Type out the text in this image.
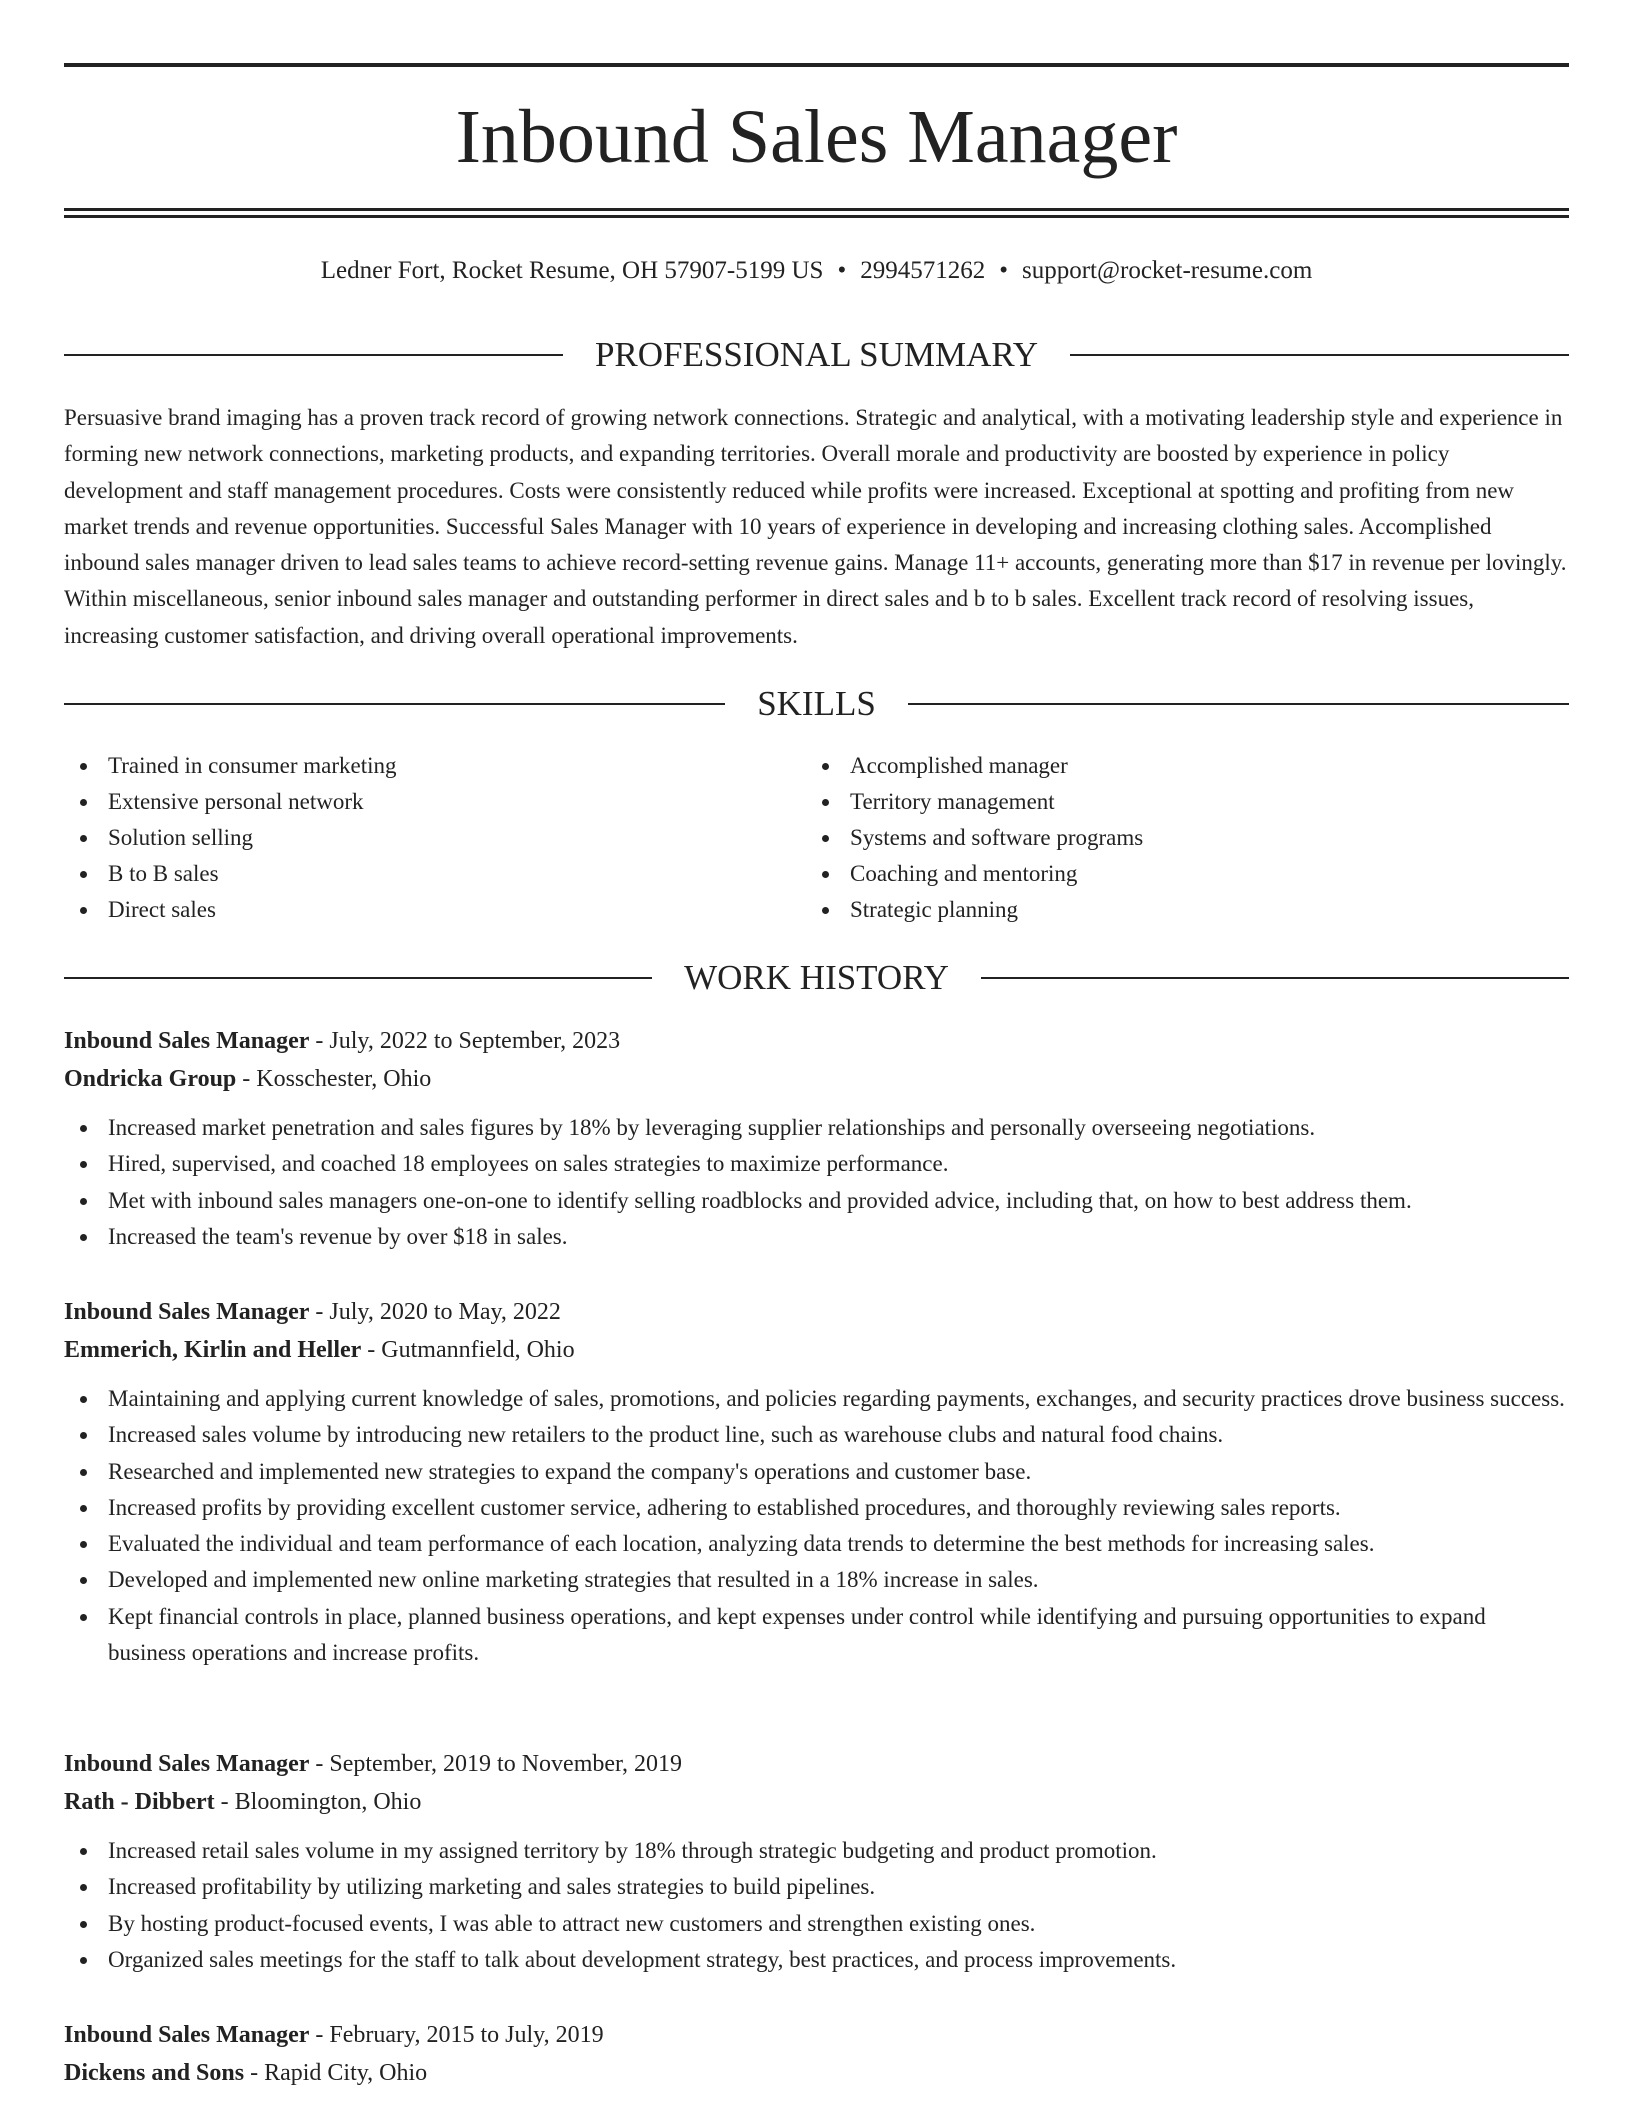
Inbound Sales Manager
Ledner Fort, Rocket Resume, OH 57907-5199 US • 2994571262 • support@rocket-resume.com
PROFESSIONAL SUMMARY

Persuasive brand imaging has a proven track record of growing network connections. Strategic and analytical, with a motivating leadership style and experience in forming new network connections, marketing products, and expanding territories. Overall morale and productivity are boosted by experience in policy development and staff management procedures. Costs were consistently reduced while profits were increased. Exceptional at spotting and profiting from new market trends and revenue opportunities. Successful Sales Manager with 10 years of experience in developing and increasing clothing sales. Accomplished inbound sales manager driven to lead sales teams to achieve record-setting revenue gains. Manage 11+ accounts, generating more than $17 in revenue per lovingly. Within miscellaneous, senior inbound sales manager and outstanding performer in direct sales and b to b sales. Excellent track record of resolving issues, increasing customer satisfaction, and driving overall operational improvements.

SKILLS
Trained in consumer marketing
Extensive personal network
Solution selling
B to B sales
Direct sales
Accomplished manager
Territory management
Systems and software programs
Coaching and mentoring
Strategic planning
WORK HISTORY
Inbound Sales Manager - July, 2022 to September, 2023
Ondricka Group - Kosschester, Ohio
Increased market penetration and sales figures by 18% by leveraging supplier relationships and personally overseeing negotiations.
Hired, supervised, and coached 18 employees on sales strategies to maximize performance.
Met with inbound sales managers one-on-one to identify selling roadblocks and provided advice, including that, on how to best address them.
Increased the team's revenue by over $18 in sales.
Inbound Sales Manager - July, 2020 to May, 2022
Emmerich, Kirlin and Heller - Gutmannfield, Ohio
Maintaining and applying current knowledge of sales, promotions, and policies regarding payments, exchanges, and security practices drove business success.
Increased sales volume by introducing new retailers to the product line, such as warehouse clubs and natural food chains.
Researched and implemented new strategies to expand the company's operations and customer base.
Increased profits by providing excellent customer service, adhering to established procedures, and thoroughly reviewing sales reports.
Evaluated the individual and team performance of each location, analyzing data trends to determine the best methods for increasing sales.
Developed and implemented new online marketing strategies that resulted in a 18% increase in sales.
Kept financial controls in place, planned business operations, and kept expenses under control while identifying and pursuing opportunities to expand business operations and increase profits.
Inbound Sales Manager - September, 2019 to November, 2019
Rath - Dibbert - Bloomington, Ohio
Increased retail sales volume in my assigned territory by 18% through strategic budgeting and product promotion.
Increased profitability by utilizing marketing and sales strategies to build pipelines.
By hosting product-focused events, I was able to attract new customers and strengthen existing ones.
Organized sales meetings for the staff to talk about development strategy, best practices, and process improvements.
Inbound Sales Manager - February, 2015 to July, 2019
Dickens and Sons - Rapid City, Ohio
